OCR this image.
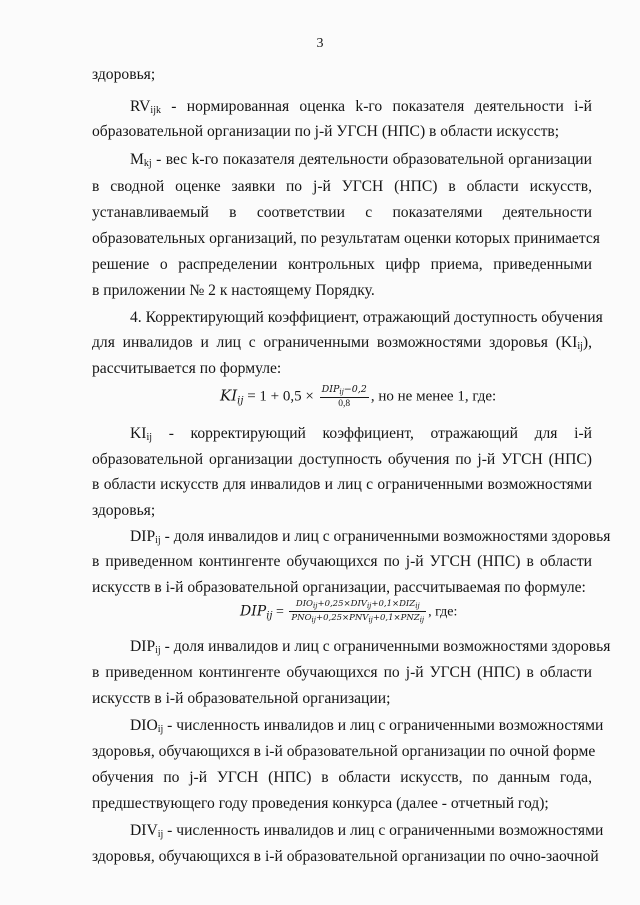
3
здоровья;
$RV_{ijk}$ - нормированная оценка k-го показателя деятельности i-й
образовательной организации по j-й УГСН (НПС) в области искусств;
$M_{kj}$ - вес k-го показателя деятельности образовательной организации
в сводной оценке заявки по j-й УГСН (НПС) в области искусств,
устанавливаемый в соответствии с показателями деятельности
образовательных организаций, по результатам оценки которых принимается
решение о распределении контрольных цифр приема, приведенными
в приложении № 2 к настоящему Порядку.
4. Корректирующий коэффициент, отражающий доступность обучения
для инвалидов и лиц с ограниченными возможностями здоровья $(KI_{ij})$,
рассчитывается по формуле:
$KI_{ij} = 1 + 0,5 \times \frac{DIP_{ij}-0,2}{0,8}$ , но не менее 1, где:
$KI_{ij}$ - корректирующий коэффициент, отражающий для i-й
образовательной организации доступность обучения по j-й УГСН (НПС)
в области искусств для инвалидов и лиц с ограниченными возможностями
здоровья;
$DIP_{ij}$ - доля инвалидов и лиц с ограниченными возможностями здоровья
в приведенном контингенте обучающихся по j-й УГСН (НПС) в области
искусств в i-й образовательной организации, рассчитываемая по формуле:
$DIP_{ij} = \frac{DIO_{ij}+0,25\times DIV_{ij}+0,1\times DIZ_{ij}}{PNO_{ij}+0,25\times PNV_{ij}+0,1\times PNZ_{ij}}$ , где:
$DIP_{ij}$ - доля инвалидов и лиц с ограниченными возможностями здоровья
в приведенном контингенте обучающихся по j-й УГСН (НПС) в области
искусств в i-й образовательной организации;
$DIO_{ij}$ - численность инвалидов и лиц с ограниченными возможностями
здоровья, обучающихся в i-й образовательной организации по очной форме
обучения по j-й УГСН (НПС) в области искусств, по данным года,
предшествующего году проведения конкурса (далее - отчетный год);
$DIV_{ij}$ - численность инвалидов и лиц с ограниченными возможностями
здоровья, обучающихся в i-й образовательной организации по очно-заочной
